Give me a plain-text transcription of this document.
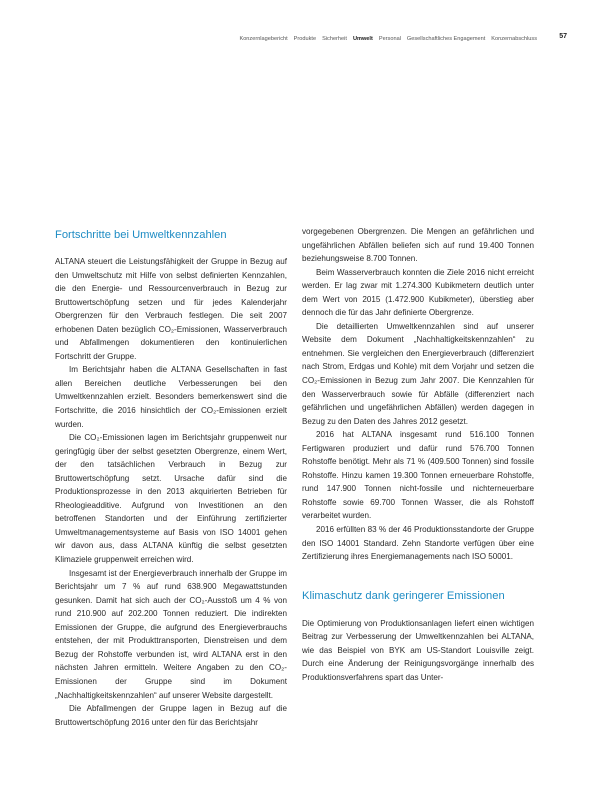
Konzernlagebericht Produkte Sicherheit Umwelt Personal Gesellschaftliches Engagement Konzernabschluss	57
Fortschritte bei Umweltkennzahlen

ALTANA steuert die Leistungsfähigkeit der Gruppe in Bezug auf den Umweltschutz mit Hilfe von selbst definierten Kennzahlen, die den Energie- und Ressourcenverbrauch in Bezug zur Bruttowertschöpfung setzen und für jedes Kalenderjahr Obergrenzen für den Verbrauch festlegen. Die seit 2007 erhobenen Daten bezüglich CO₂-Emissionen, Wasserverbrauch und Abfallmengen dokumentieren den kontinuierlichen Fortschritt der Gruppe.

Im Berichtsjahr haben die ALTANA Gesellschaften in fast allen Bereichen deutliche Verbesserungen bei den Umweltkennzahlen erzielt. Besonders bemerkenswert sind die Fortschritte, die 2016 hinsichtlich der CO₂-Emissionen erzielt wurden.

Die CO₂-Emissionen lagen im Berichtsjahr gruppenweit nur geringfügig über der selbst gesetzten Obergrenze, einem Wert, der den tatsächlichen Verbrauch in Bezug zur Bruttowertschöpfung setzt. Ursache dafür sind die Produktionsprozesse in den 2013 akquirierten Betrieben für Rheologieadditive. Aufgrund von Investitionen an den betroffenen Standorten und der Einführung zertifizierter Umweltmanagementsysteme auf Basis von ISO 14001 gehen wir davon aus, dass ALTANA künftig die selbst gesetzten Klimaziele gruppenweit erreichen wird.

Insgesamt ist der Energieverbrauch innerhalb der Gruppe im Berichtsjahr um 7 % auf rund 638.900 Megawattstunden gesunken. Damit hat sich auch der CO₂-Ausstoß um 4 % von rund 210.900 auf 202.200 Tonnen reduziert. Die indirekten Emissionen der Gruppe, die aufgrund des Energieverbrauchs entstehen, der mit Produkttransporten, Dienstreisen und dem Bezug der Rohstoffe verbunden ist, wird ALTANA erst in den nächsten Jahren ermitteln. Weitere Angaben zu den CO₂-Emissionen der Gruppe sind im Dokument „Nachhaltigkeitskennzahlen“ auf unserer Website dargestellt.

Die Abfallmengen der Gruppe lagen in Bezug auf die Bruttowertschöpfung 2016 unter den für das Berichtsjahr

vorgegebenen Obergrenzen. Die Mengen an gefährlichen und ungefährlichen Abfällen beliefen sich auf rund 19.400 Tonnen beziehungsweise 8.700 Tonnen.

Beim Wasserverbrauch konnten die Ziele 2016 nicht erreicht werden. Er lag zwar mit 1.274.300 Kubikmetern deutlich unter dem Wert von 2015 (1.472.900 Kubikmeter), überstieg aber dennoch die für das Jahr definierte Obergrenze.

Die detaillierten Umweltkennzahlen sind auf unserer Website dem Dokument „Nachhaltigkeitskennzahlen“ zu entnehmen. Sie vergleichen den Energieverbrauch (differenziert nach Strom, Erdgas und Kohle) mit dem Vorjahr und setzen die CO₂-Emissionen in Bezug zum Jahr 2007. Die Kennzahlen für den Wasserverbrauch sowie für Abfälle (differenziert nach gefährlichen und ungefährlichen Abfällen) werden dagegen in Bezug zu den Daten des Jahres 2012 gesetzt.

2016 hat ALTANA insgesamt rund 516.100 Tonnen Fertigwaren produziert und dafür rund 576.700 Tonnen Rohstoffe benötigt. Mehr als 71 % (409.500 Tonnen) sind fossile Rohstoffe. Hinzu kamen 19.300 Tonnen erneuerbare Rohstoffe, rund 147.900 Tonnen nicht-fossile und nichterneuerbare Rohstoffe sowie 69.700 Tonnen Wasser, die als Rohstoff verarbeitet wurden.

2016 erfüllten 83 % der 46 Produktionsstandorte der Gruppe den ISO 14001 Standard. Zehn Standorte verfügen über eine Zertifizierung ihres Energiemanagements nach ISO 50001.

Klimaschutz dank geringerer Emissionen

Die Optimierung von Produktionsanlagen liefert einen wichtigen Beitrag zur Verbesserung der Umweltkennzahlen bei ALTANA, wie das Beispiel von BYK am US-Standort Louisville zeigt. Durch eine Änderung der Reinigungsvorgänge innerhalb des Produktionsverfahrens spart das Unter-
